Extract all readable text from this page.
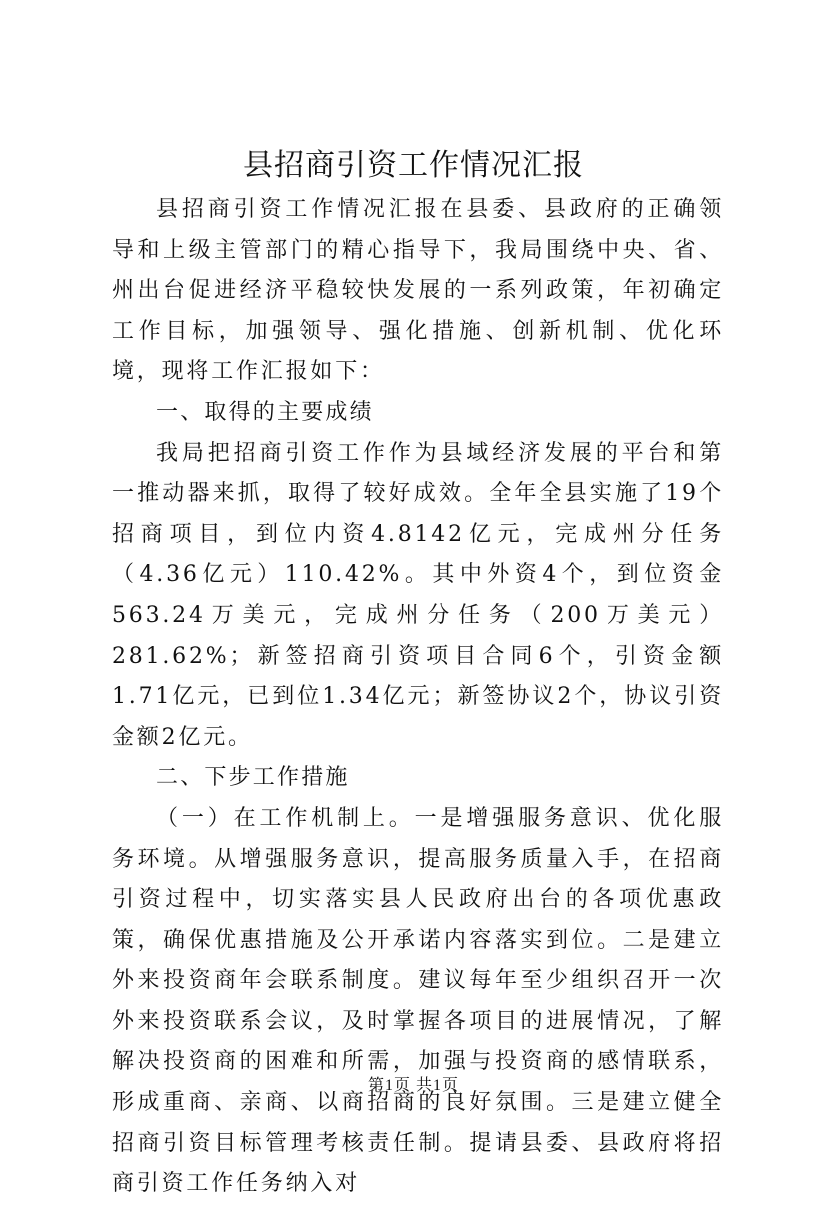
县招商引资工作情况汇报

县招商引资工作情况汇报在县委、县政府的正确领导和上级主管部门的精心指导下，我局围绕中央、省、州出台促进经济平稳较快发展的一系列政策，年初确定工作目标，加强领导、强化措施、创新机制、优化环境，现将工作汇报如下：

一、取得的主要成绩

我局把招商引资工作作为县域经济发展的平台和第一推动器来抓，取得了较好成效。全年全县实施了19个招商项目，到位内资4.8142亿元，完成州分任务（4.36亿元）110.42%。其中外资4个，到位资金563.24万美元，完成州分任务（200万美元）281.62%；新签招商引资项目合同6个，引资金额1.71亿元，已到位1.34亿元；新签协议2个，协议引资金额2亿元。

二、下步工作措施

（一）在工作机制上。一是增强服务意识、优化服务环境。从增强服务意识，提高服务质量入手，在招商引资过程中，切实落实县人民政府出台的各项优惠政策，确保优惠措施及公开承诺内容落实到位。二是建立外来投资商年会联系制度。建议每年至少组织召开一次外来投资联系会议，及时掌握各项目的进展情况，了解解决投资商的困难和所需，加强与投资商的感情联系，形成重商、亲商、以商招商的良好氛围。三是建立健全招商引资目标管理考核责任制。提请县委、县政府将招商引资工作任务纳入对

第1页 共1页
